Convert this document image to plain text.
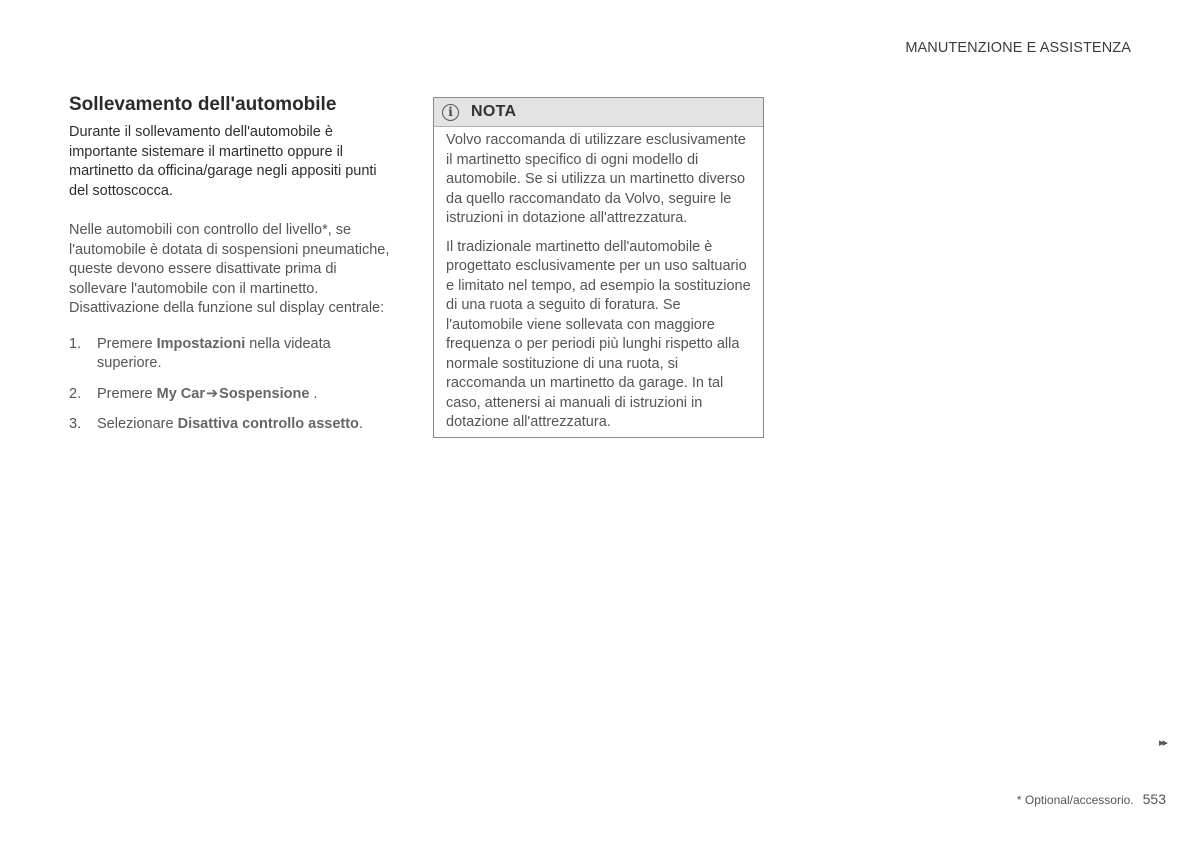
MANUTENZIONE E ASSISTENZA
Sollevamento dell'automobile

Durante il sollevamento dell'automobile è importante sistemare il martinetto oppure il martinetto da officina/garage negli appositi punti del sottoscocca.

Nelle automobili con controllo del livello*, se l'automobile è dotata di sospensioni pneumatiche, queste devono essere disattivate prima di sollevare l'automobile con il martinetto. Disattivazione della funzione sul display centrale:

1.	Premere Impostazioni nella videata superiore.
2.	Premere My Car➔Sospensione .
3.	Selezionare Disattiva controllo assetto.
i	NOTA

Volvo raccomanda di utilizzare esclusivamente il martinetto specifico di ogni modello di automobile. Se si utilizza un martinetto diverso da quello raccomandato da Volvo, seguire le istruzioni in dotazione all'attrezzatura.

Il tradizionale martinetto dell'automobile è progettato esclusivamente per un uso saltuario e limitato nel tempo, ad esempio la sostituzione di una ruota a seguito di foratura. Se l'automobile viene sollevata con maggiore frequenza o per periodi più lunghi rispetto alla normale sostituzione di una ruota, si raccomanda un martinetto da garage. In tal caso, attenersi ai manuali di istruzioni in dotazione all'attrezzatura.

▸▸
* Optional/accessorio. 553
